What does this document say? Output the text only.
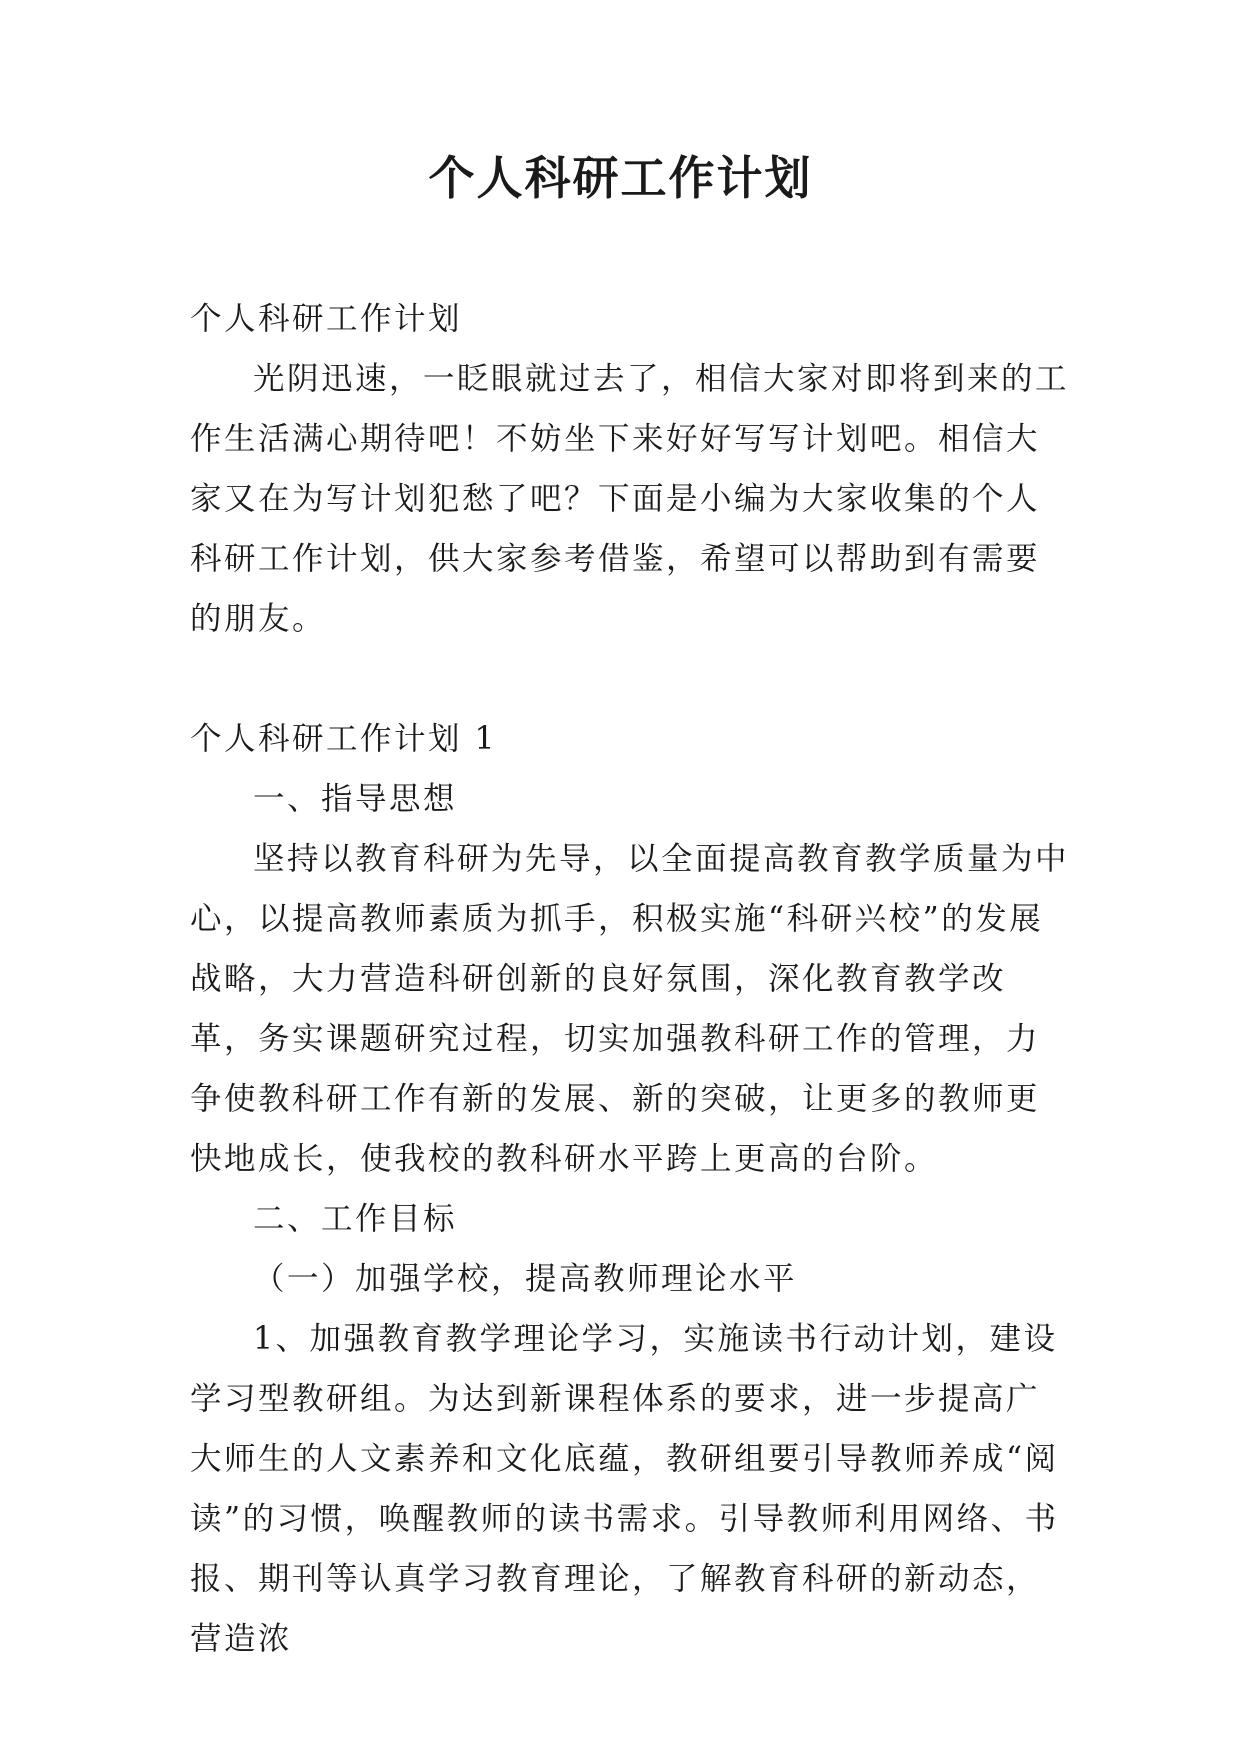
个人科研工作计划

个人科研工作计划

光阴迅速，一眨眼就过去了，相信大家对即将到来的工作生活满心期待吧！不妨坐下来好好写写计划吧。相信大家又在为写计划犯愁了吧？下面是小编为大家收集的个人科研工作计划，供大家参考借鉴，希望可以帮助到有需要的朋友。

个人科研工作计划 1

一、指导思想

坚持以教育科研为先导，以全面提高教育教学质量为中心，以提高教师素质为抓手，积极实施“科研兴校”的发展战略，大力营造科研创新的良好氛围，深化教育教学改革，务实课题研究过程，切实加强教科研工作的管理，力争使教科研工作有新的发展、新的突破，让更多的教师更快地成长，使我校的教科研水平跨上更高的台阶。

二、工作目标

（一）加强学校，提高教师理论水平

1、加强教育教学理论学习，实施读书行动计划，建设学习型教研组。为达到新课程体系的要求，进一步提高广大师生的人文素养和文化底蕴，教研组要引导教师养成“阅读”的习惯，唤醒教师的读书需求。引导教师利用网络、书报、期刊等认真学习教育理论，了解教育科研的新动态，营造浓
